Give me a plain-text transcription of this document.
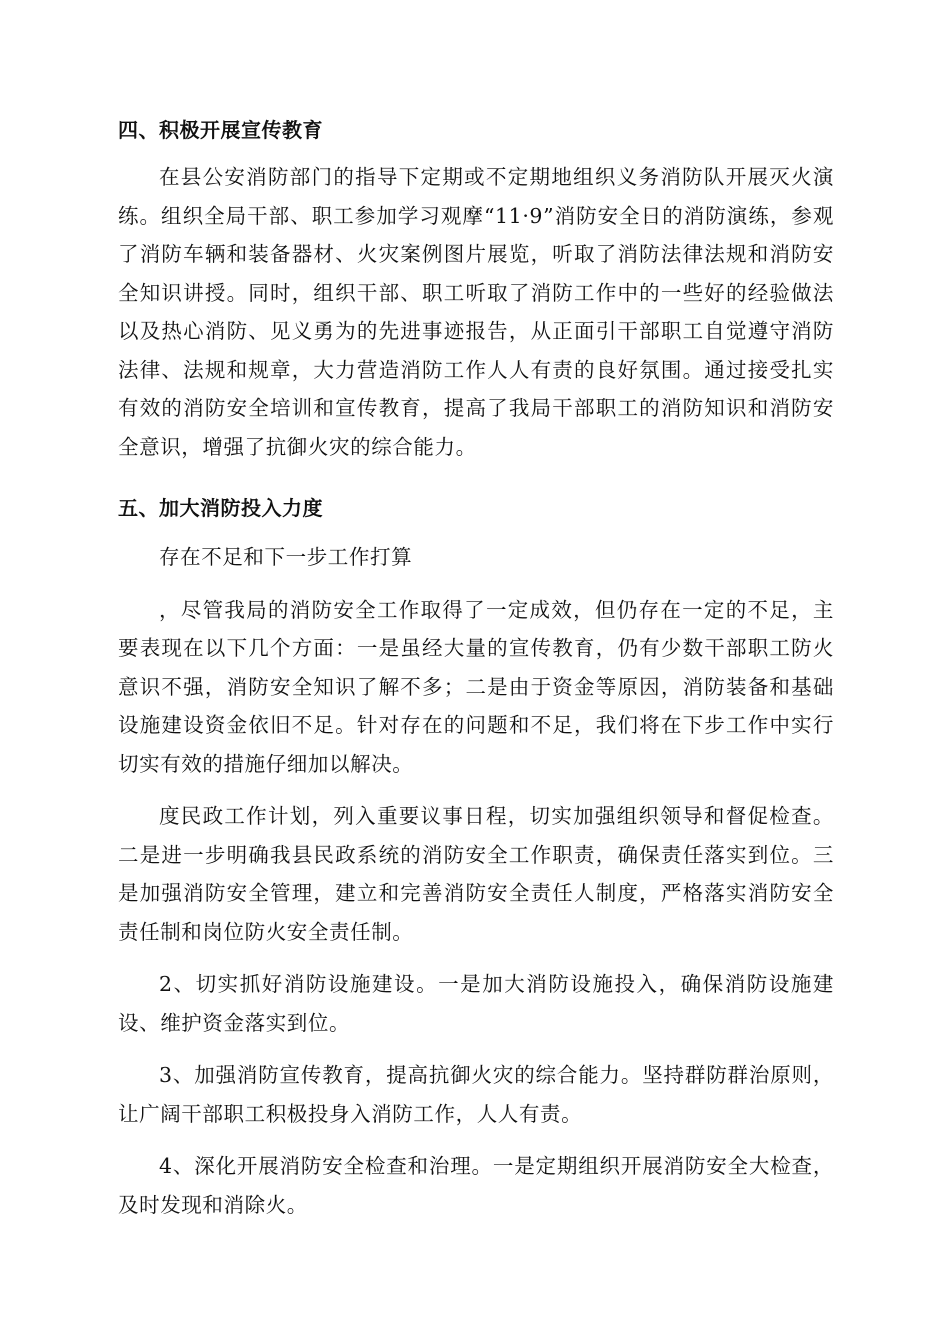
四、积极开展宣传教育

在县公安消防部门的指导下定期或不定期地组织义务消防队开展灭火演练。组织全局干部、职工参加学习观摩“11·9”消防安全日的消防演练，参观了消防车辆和装备器材、火灾案例图片展览，听取了消防法律法规和消防安全知识讲授。同时，组织干部、职工听取了消防工作中的一些好的经验做法以及热心消防、见义勇为的先进事迹报告，从正面引干部职工自觉遵守消防法律、法规和规章，大力营造消防工作人人有责的良好氛围。通过接受扎实有效的消防安全培训和宣传教育，提高了我局干部职工的消防知识和消防安全意识，增强了抗御火灾的综合能力。

五、加大消防投入力度

存在不足和下一步工作打算

，尽管我局的消防安全工作取得了一定成效，但仍存在一定的不足，主要表现在以下几个方面：一是虽经大量的宣传教育，仍有少数干部职工防火意识不强，消防安全知识了解不多；二是由于资金等原因，消防装备和基础设施建设资金依旧不足。针对存在的问题和不足，我们将在下步工作中实行切实有效的措施仔细加以解决。

度民政工作计划，列入重要议事日程，切实加强组织领导和督促检查。二是进一步明确我县民政系统的消防安全工作职责，确保责任落实到位。三是加强消防安全管理，建立和完善消防安全责任人制度，严格落实消防安全责任制和岗位防火安全责任制。

2、切实抓好消防设施建设。一是加大消防设施投入，确保消防设施建设、维护资金落实到位。

3、加强消防宣传教育，提高抗御火灾的综合能力。坚持群防群治原则，让广阔干部职工积极投身入消防工作，人人有责。

4、深化开展消防安全检查和治理。一是定期组织开展消防安全大检查，及时发现和消除火。
